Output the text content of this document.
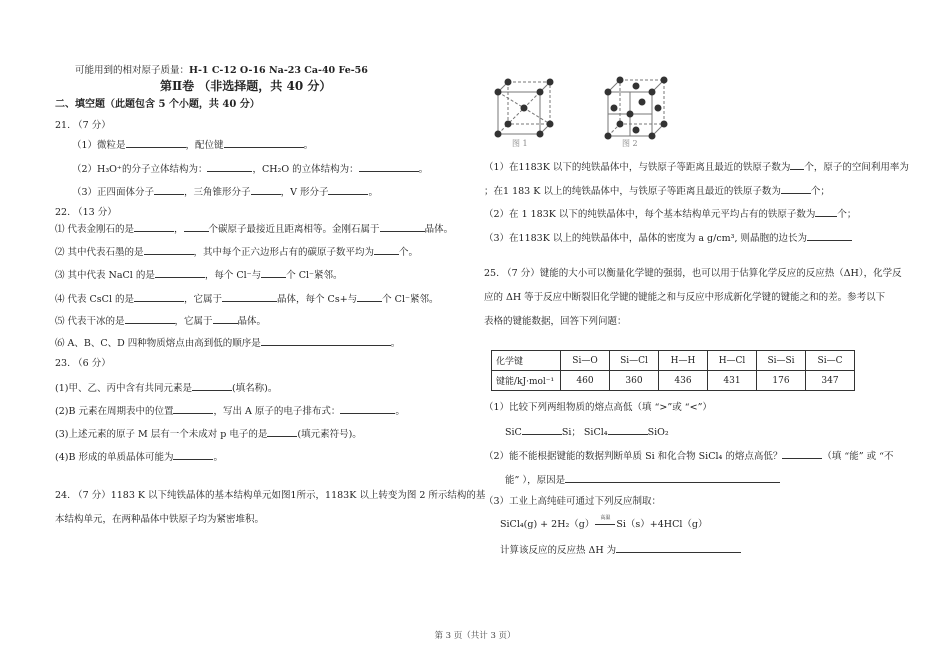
可能用到的相对原子质量：H-1 C-12 O-16 Na-23 Ca-40 Fe-56
第Ⅱ卷 （非选择题，共 40 分）
二、填空题（此题包含 5 个小题，共 40 分）
21. （7 分）
（1）微粒是	，配位键	。
（2）H₃O⁺的分子立体结构为：	，CH₂O 的立体结构为：	。
（3）正四面体分子	，三角锥形分子	，V 形分子	。
22. （13 分）
⑴ 代表金刚石的是	，	个碳原子最接近且距离相等。金刚石属于	晶体。
⑵ 其中代表石墨的是	，其中每个正六边形占有的碳原子数平均为	个。
⑶ 其中代表 NaCl 的是	，每个 Cl⁻与	个 Cl⁻紧邻。
⑷ 代表 CsCl 的是	，它属于	晶体，每个 Cs+与	个 Cl⁻紧邻。
⑸ 代表干冰的是	，它属于	晶体。
⑹ A、B、C、D 四种物质熔点由高到低的顺序是	。
23. （6 分）
(1)甲、乙、丙中含有共同元素是	(填名称)。
(2)B 元素在周期表中的位置	，写出 A 原子的电子排布式：	。
(3)上述元素的原子 M 层有一个未成对 p 电子的是	(填元素符号)。
(4)B 形成的单质晶体可能为	。
24. （7 分）1183 K 以下纯铁晶体的基本结构单元如图1所示，1183K 以上转变为图 2 所示结构的基
本结构单元，在两种晶体中铁原子均为紧密堆积。
图 1	图 2
（1）在1183K 以下的纯铁晶体中，与铁原子等距离且最近的铁原子数为 个，原子的空间利用率为
；在1 183 K 以上的纯铁晶体中，与铁原子等距离且最近的铁原子数为	个；
（2）在 1 183K 以下的纯铁晶体中，每个基本结构单元平均占有的铁原子数为 个；
（3）在1183K 以上的纯铁晶体中，晶体的密度为 a g/cm³, 则晶胞的边长为
25. （7 分）键能的大小可以衡量化学键的强弱，也可以用于估算化学反应的反应热（ΔH），化学反
应的 ΔH 等于反应中断裂旧化学键的键能之和与反应中形成新化学键的键能之和的差。参考以下
表格的键能数据，回答下列问题：
化学键	Si—O	Si—Cl	H—H	H—Cl	Si—Si	Si—C
键能/kJ·mol⁻¹	460	360	436	431	176	347
（1）比较下列两组物质的熔点高低（填 “>”或 “<”）
SiC	Si； SiCl₄	SiO₂
（2）能不能根据键能的数据判断单质 Si 和化合物 SiCl₄ 的熔点高低？	（填 “能” 或 “不
能” ），原因是
（3）工业上高纯硅可通过下列反应制取：
SiCl₄(g) + 2H₂（g）
高温
Si（s）+4HCl（g）
计算该反应的反应热 ΔH 为
第 3 页（共计 3 页）
